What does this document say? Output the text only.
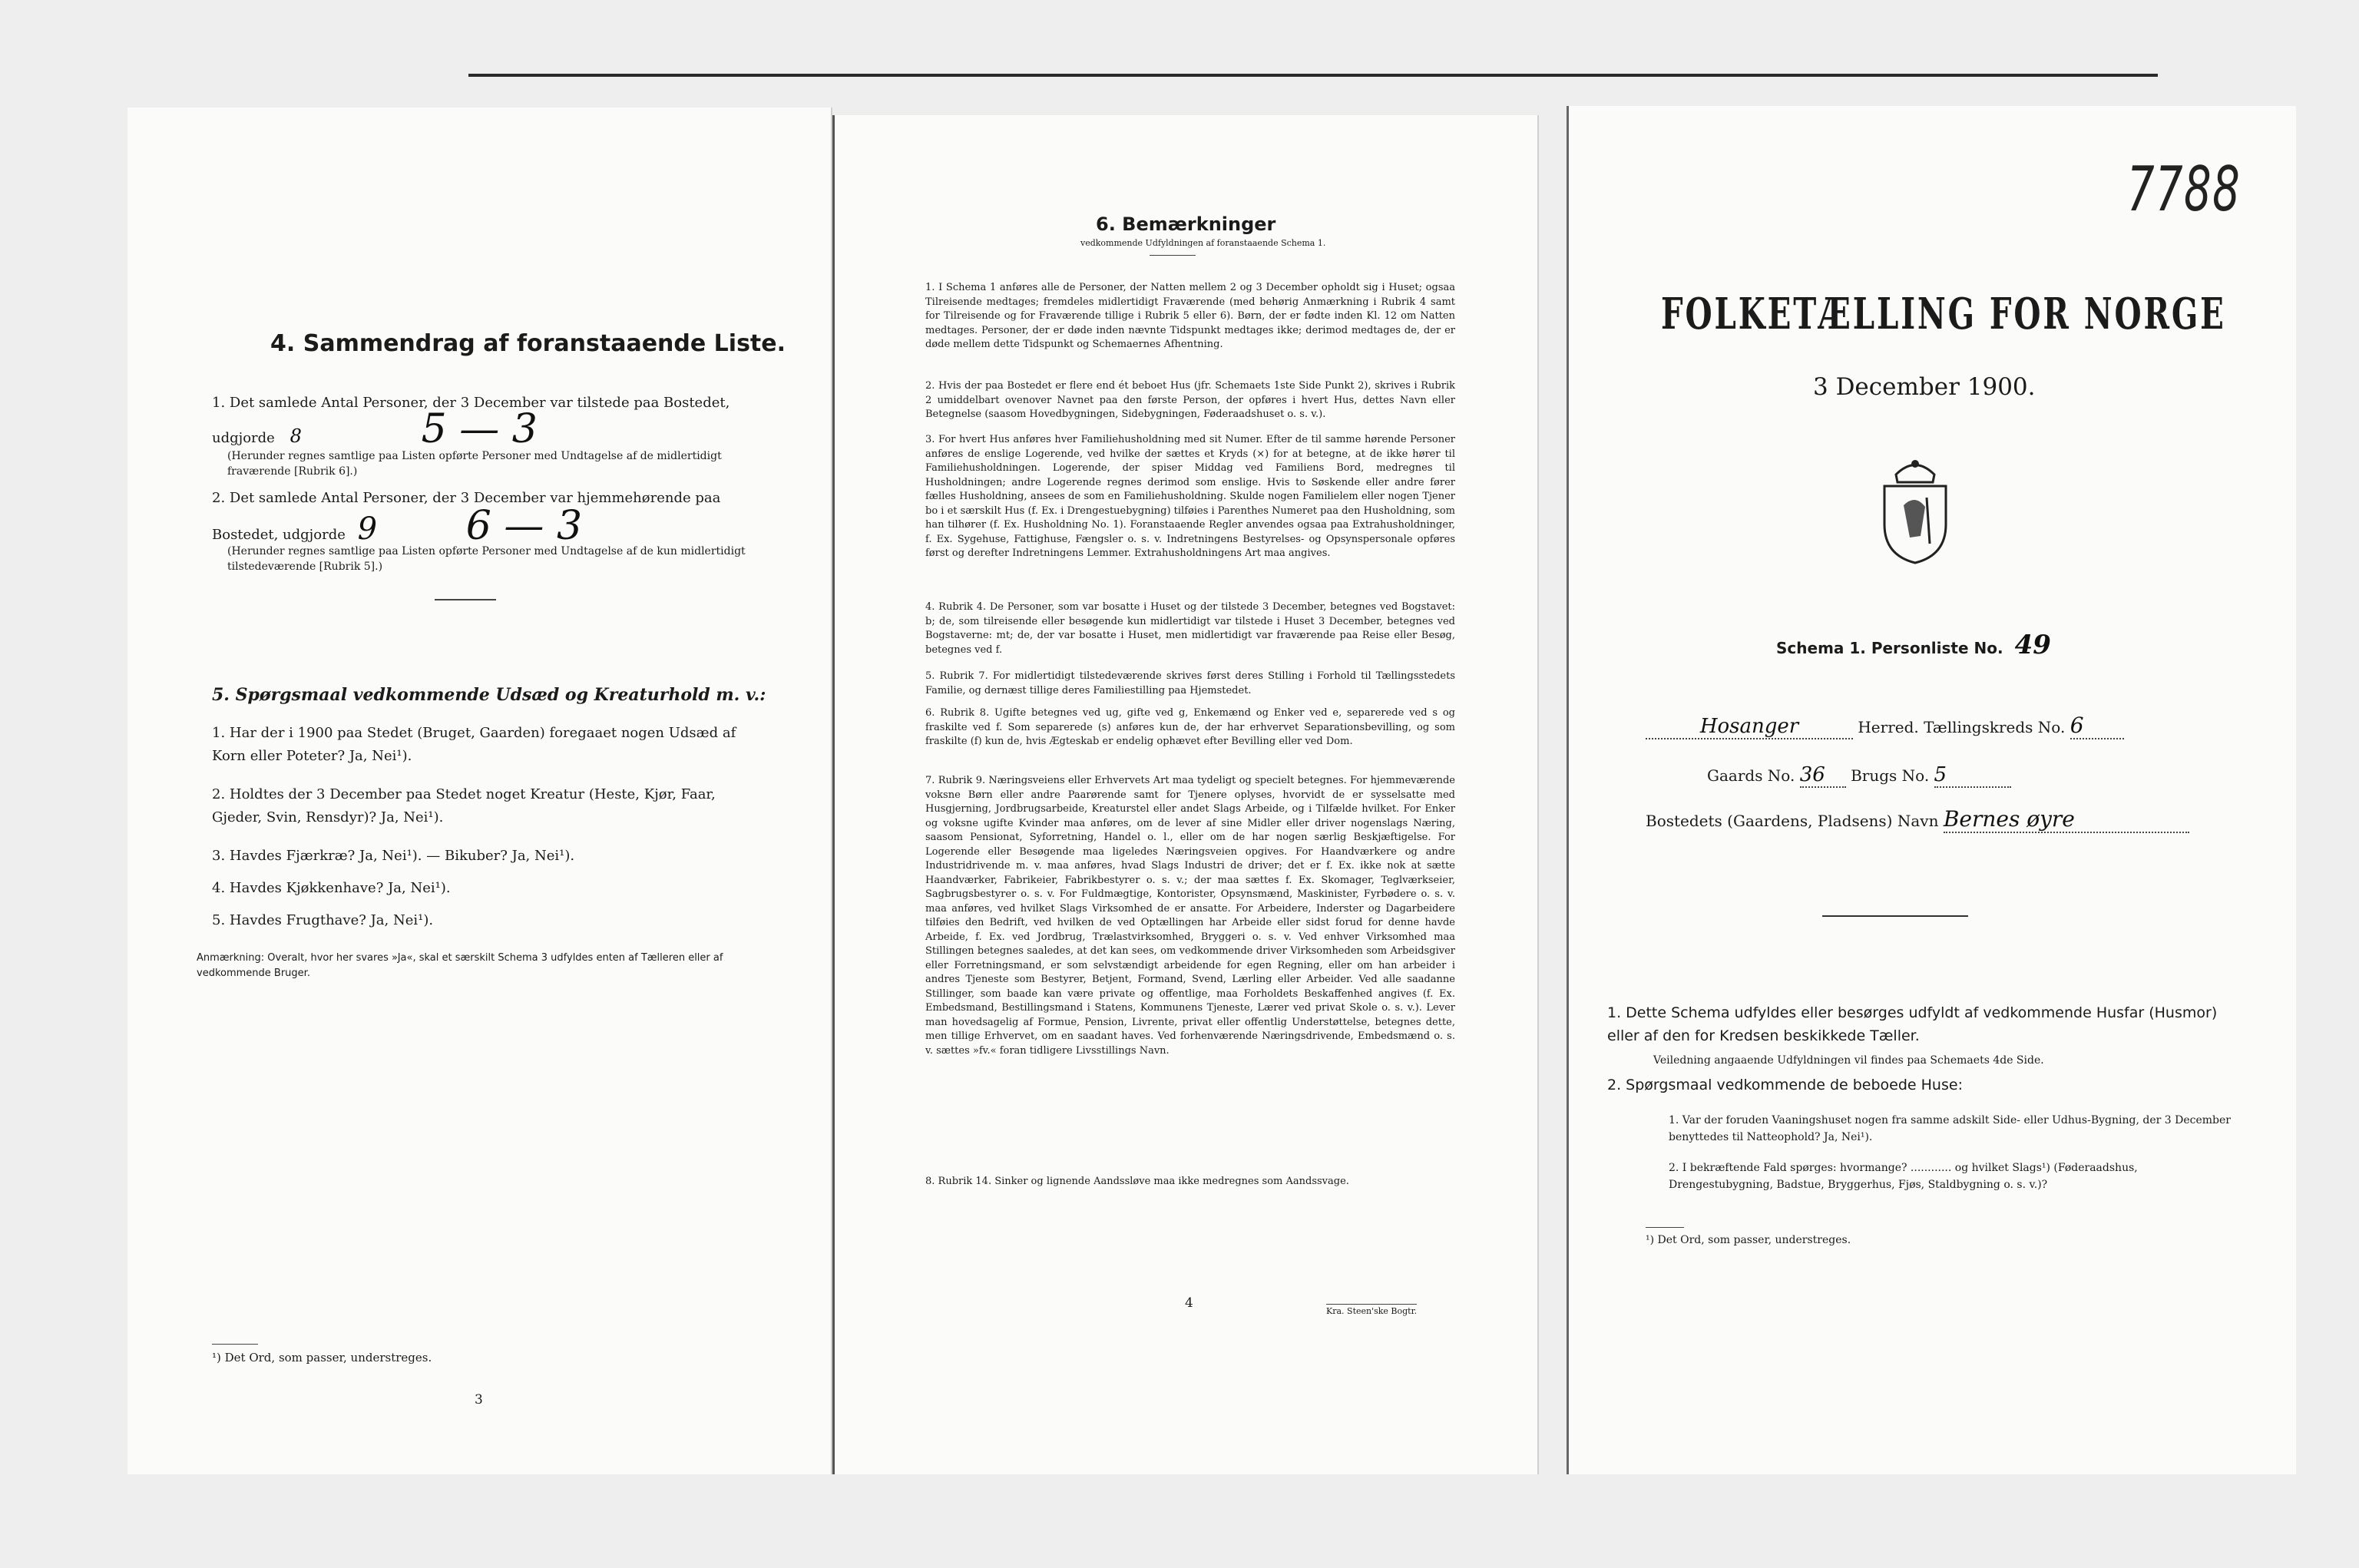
4. Sammendrag af foranstaaende Liste.
1. Det samlede Antal Personer, der 3 December var tilstede paa Bostedet,
udgjorde 8	5 — 3
(Herunder regnes samtlige paa Listen opførte Personer med Undtagelse af de midlertidigt fraværende [Rubrik 6].)
2. Det samlede Antal Personer, der 3 December var hjemmehørende paa
Bostedet, udgjorde 9 6 — 3
(Herunder regnes samtlige paa Listen opførte Personer med Undtagelse af de kun midlertidigt tilstedeværende [Rubrik 5].)
5. Spørgsmaal vedkommende Udsæd og Kreaturhold m. v.:
1. Har der i 1900 paa Stedet (Bruget, Gaarden) foregaaet nogen Udsæd af Korn eller Poteter? Ja, Nei¹).
2. Holdtes der 3 December paa Stedet noget Kreatur (Heste, Kjør, Faar, Gjeder, Svin, Rensdyr)? Ja, Nei¹).
3. Havdes Fjærkræ? Ja, Nei¹). — Bikuber? Ja, Nei¹).
4. Havdes Kjøkkenhave? Ja, Nei¹).
5. Havdes Frugthave? Ja, Nei¹).
Anmærkning: Overalt, hvor her svares »Ja«, skal et særskilt Schema 3 udfyldes enten af Tælleren eller af vedkommende Bruger.
¹) Det Ord, som passer, understreges.
3
6. Bemærkninger
vedkommende Udfyldningen af foranstaaende Schema 1.
1. I Schema 1 anføres alle de Personer, der Natten mellem 2 og 3 December opholdt sig i Huset; ogsaa Tilreisende medtages; fremdeles midlertidigt Fraværende (med behørig Anmærkning i Rubrik 4 samt for Tilreisende og for Fraværende tillige i Rubrik 5 eller 6). Børn, der er fødte inden Kl. 12 om Natten medtages. Personer, der er døde inden nævnte Tidspunkt medtages ikke; derimod medtages de, der er døde mellem dette Tidspunkt og Schemaernes Afhentning.
2. Hvis der paa Bostedet er flere end ét beboet Hus (jfr. Schemaets 1ste Side Punkt 2), skrives i Rubrik 2 umiddelbart ovenover Navnet paa den første Person, der opføres i hvert Hus, dettes Navn eller Betegnelse (saasom Hovedbygningen, Sidebygningen, Føderaadshuset o. s. v.).
3. For hvert Hus anføres hver Familiehusholdning med sit Numer. Efter de til samme hørende Personer anføres de enslige Logerende, ved hvilke der sættes et Kryds (×) for at betegne, at de ikke hører til Familiehusholdningen. Logerende, der spiser Middag ved Familiens Bord, medregnes til Husholdningen; andre Logerende regnes derimod som enslige. Hvis to Søskende eller andre fører fælles Husholdning, ansees de som en Familiehusholdning. Skulde nogen Familielem eller nogen Tjener bo i et særskilt Hus (f. Ex. i Drengestuebygning) tilføies i Parenthes Numeret paa den Husholdning, som han tilhører (f. Ex. Husholdning No. 1). Foranstaaende Regler anvendes ogsaa paa Extrahusholdninger, f. Ex. Sygehuse, Fattighuse, Fængsler o. s. v. Indretningens Bestyrelses- og Opsynspersonale opføres først og derefter Indretningens Lemmer. Extrahusholdningens Art maa angives.
4. Rubrik 4. De Personer, som var bosatte i Huset og der tilstede 3 December, betegnes ved Bogstavet: b; de, som tilreisende eller besøgende kun midlertidigt var tilstede i Huset 3 December, betegnes ved Bogstaverne: mt; de, der var bosatte i Huset, men midlertidigt var fraværende paa Reise eller Besøg, betegnes ved f.
5. Rubrik 7. For midlertidigt tilstedeværende skrives først deres Stilling i Forhold til Tællingsstedets Familie, og dernæst tillige deres Familiestilling paa Hjemstedet.
6. Rubrik 8. Ugifte betegnes ved ug, gifte ved g, Enkemænd og Enker ved e, separerede ved s og fraskilte ved f. Som separerede (s) anføres kun de, der har erhvervet Separationsbevilling, og som fraskilte (f) kun de, hvis Ægteskab er endelig ophævet efter Bevilling eller ved Dom.
7. Rubrik 9. Næringsveiens eller Erhvervets Art maa tydeligt og specielt betegnes. For hjemmeværende voksne Børn eller andre Paarørende samt for Tjenere oplyses, hvorvidt de er sysselsatte med Husgjerning, Jordbrugsarbeide, Kreaturstel eller andet Slags Arbeide, og i Tilfælde hvilket. For Enker og voksne ugifte Kvinder maa anføres, om de lever af sine Midler eller driver nogenslags Næring, saasom Pensionat, Syforretning, Handel o. l., eller om de har nogen særlig Beskjæftigelse. For Logerende eller Besøgende maa ligeledes Næringsveien opgives. For Haandværkere og andre Industridrivende m. v. maa anføres, hvad Slags Industri de driver; det er f. Ex. ikke nok at sætte Haandværker, Fabrikeier, Fabrikbestyrer o. s. v.; der maa sættes f. Ex. Skomager, Teglværkseier, Sagbrugsbestyrer o. s. v. For Fuldmægtige, Kontorister, Opsynsmænd, Maskinister, Fyrbødere o. s. v. maa anføres, ved hvilket Slags Virksomhed de er ansatte. For Arbeidere, Inderster og Dagarbeidere tilføies den Bedrift, ved hvilken de ved Optællingen har Arbeide eller sidst forud for denne havde Arbeide, f. Ex. ved Jordbrug, Trælastvirksomhed, Bryggeri o. s. v. Ved enhver Virksomhed maa Stillingen betegnes saaledes, at det kan sees, om vedkommende driver Virksomheden som Arbeidsgiver eller Forretningsmand, er som selvstændigt arbeidende for egen Regning, eller om han arbeider i andres Tjeneste som Bestyrer, Betjent, Formand, Svend, Lærling eller Arbeider. Ved alle saadanne Stillinger, som baade kan være private og offentlige, maa Forholdets Beskaffenhed angives (f. Ex. Embedsmand, Bestillingsmand i Statens, Kommunens Tjeneste, Lærer ved privat Skole o. s. v.). Lever man hovedsagelig af Formue, Pension, Livrente, privat eller offentlig Understøttelse, betegnes dette, men tillige Erhvervet, om en saadant haves. Ved forhenværende Næringsdrivende, Embedsmænd o. s. v. sættes »fv.« foran tidligere Livsstillings Navn.
8. Rubrik 14. Sinker og lignende Aandssløve maa ikke medregnes som Aandssvage.
4
Kra. Steen'ske Bogtr.
FOLKETÆLLING FOR NORGE
3 December 1900.
Schema 1. Personliste No. 49
Hosanger	Herred. Tællingskreds No. 6
Gaards No. 36 Brugs No. 5
Bostedets (Gaardens, Pladsens) Navn Bernes øyre
1. Dette Schema udfyldes eller besørges udfyldt af vedkommende Husfar (Husmor) eller af den for Kredsen beskikkede Tæller.
Veiledning angaaende Udfyldningen vil findes paa Schemaets 4de Side.
2. Spørgsmaal vedkommende de beboede Huse:
1. Var der foruden Vaaningshuset nogen fra samme adskilt Side- eller Udhus-Bygning, der 3 December benyttedes til Natteophold? Ja, Nei¹).
2. I bekræftende Fald spørges: hvormange? ............ og hvilket Slags¹) (Føderaadshus, Drengestubygning, Badstue, Bryggerhus, Fjøs, Staldbygning o. s. v.)?
¹) Det Ord, som passer, understreges.
7788
